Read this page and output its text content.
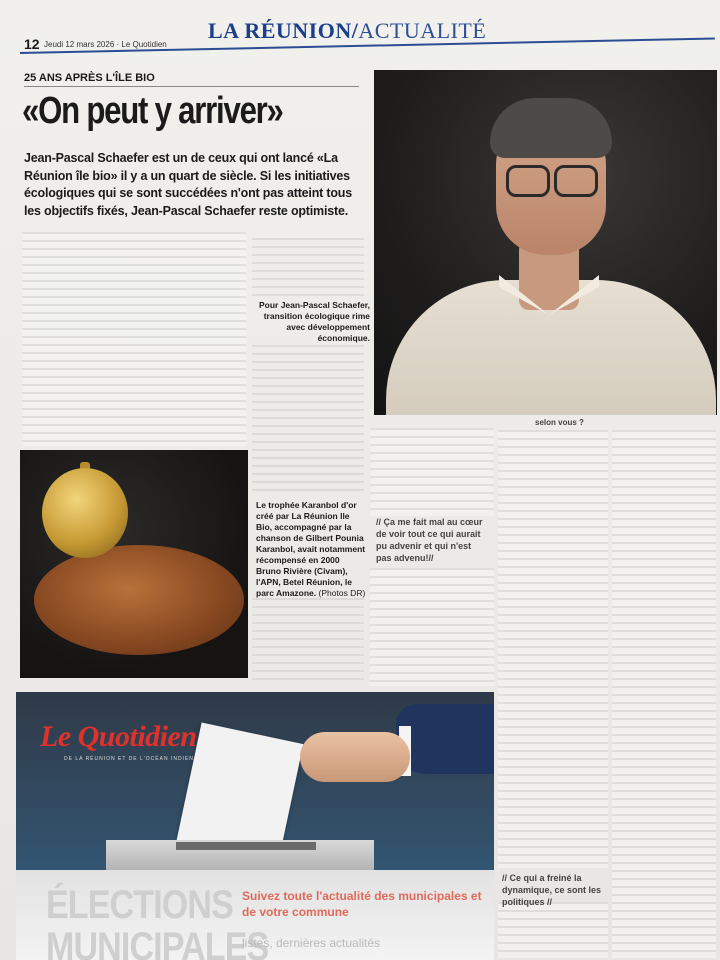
12 Jeudi 12 mars 2026 · Le Quotidien
LA RÉUNION/ACTUALITÉ
25 ANS APRÈS L'ÎLE BIO
«On peut y arriver»
Jean-Pascal Schaefer est un de ceux qui ont lancé «La Réunion île bio» il y a un quart de siècle. Si les initiatives écologiques qui se sont succédées n'ont pas atteint tous les objectifs fixés, Jean-Pascal Schaefer reste optimiste.
Pour Jean-Pascal Schaefer, transition écologique rime avec développement économique.
Le trophée Karanbol d'or créé par La Réunion Ile Bio, accompagné par la chanson de Gilbert Pounia Karanbol, avait notamment récompensé en 2000 Bruno Rivière (Civam), l'APN, Betel Réunion, le parc Amazone. (Photos DR)
selon vous ?
// Ça me fait mal au cœur de voir tout ce qui aurait pu advenir et qui n'est pas advenu!//
// Ce qui a freiné la dynamique, ce sont les politiques //
Le Quotidien
DE LA RÉUNION ET DE L'OCÉAN INDIEN
ÉLECTIONS
MUNICIPALES
Suivez toute l'actualité des municipales et de votre commune
listes, dernières actualités
